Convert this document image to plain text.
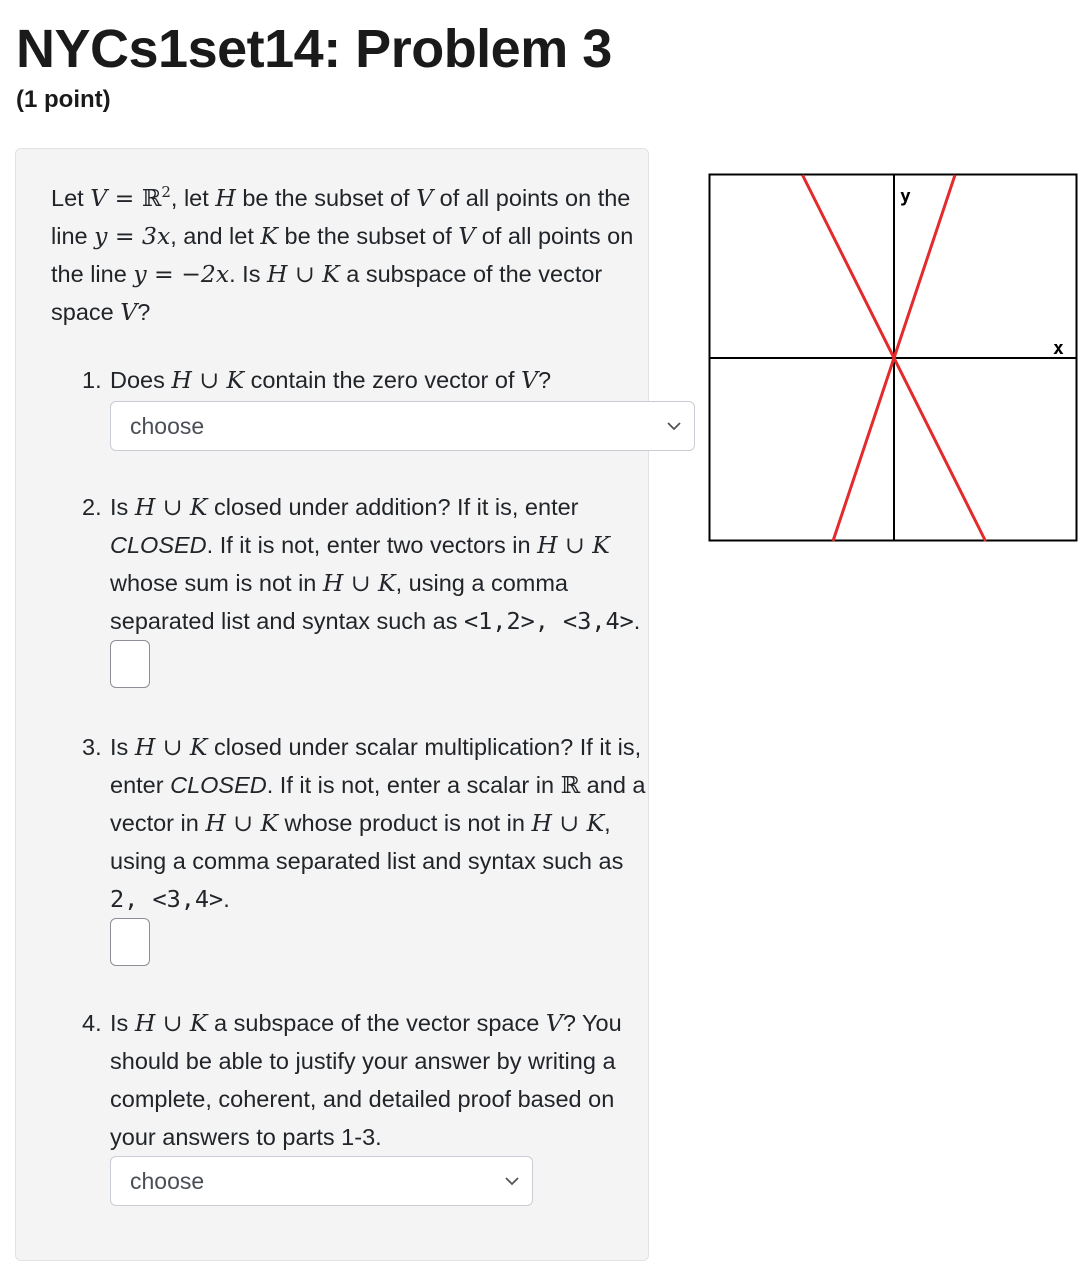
NYCs1set14: Problem 3
(1 point)

Let V = ℝ$^2$, let H be the subset of V of all points on the

line y = 3x, and let K be the subset of V of all points on

the line y = −2x. Is H ∪ K a subspace of the vector

space V?

1. Does H ∪ K contain the zero vector of V?

choose
2. Is H ∪ K closed under addition? If it is, enter

CLOSED. If it is not, enter two vectors in H ∪ K

whose sum is not in H ∪ K, using a comma

separated list and syntax such as <1,2>, <3,4>.

3. Is H ∪ K closed under scalar multiplication? If it is,

enter CLOSED. If it is not, enter a scalar in ℝ and a

vector in H ∪ K whose product is not in H ∪ K,

using a comma separated list and syntax such as

2, <3,4>.

4. Is H ∪ K a subspace of the vector space V? You

should be able to justify your answer by writing a

complete, coherent, and detailed proof based on

your answers to parts 1-3.

choose
y
x
